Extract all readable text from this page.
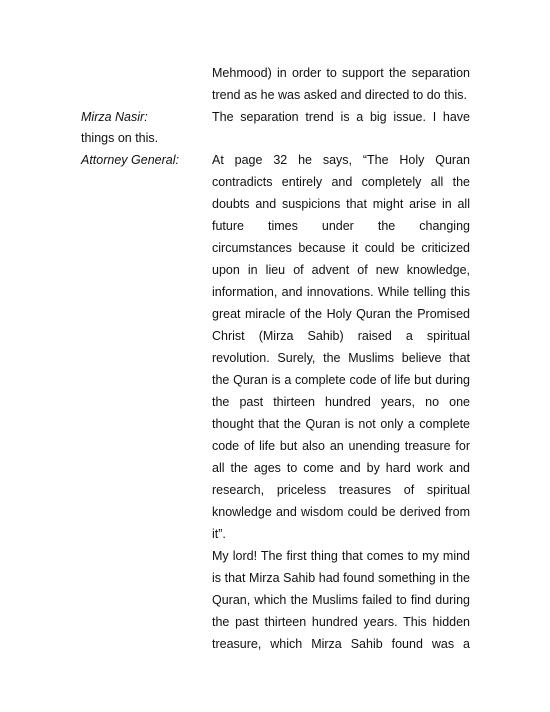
Mehmood) in order to support the separation
trend as he was asked and directed to do this.
Mirza Nasir:	The separation trend is a big issue. I have
things on this.
Attorney General:	At page 32 he says, “The Holy Quran
contradicts entirely and completely all the
doubts and suspicions that might arise in all
future times under the changing
circumstances because it could be criticized
upon in lieu of advent of new knowledge,
information, and innovations. While telling this
great miracle of the Holy Quran the Promised
Christ (Mirza Sahib) raised a spiritual
revolution. Surely, the Muslims believe that
the Quran is a complete code of life but during
the past thirteen hundred years, no one
thought that the Quran is not only a complete
code of life but also an unending treasure for
all the ages to come and by hard work and
research, priceless treasures of spiritual
knowledge and wisdom could be derived from
it”.
My lord! The first thing that comes to my mind
is that Mirza Sahib had found something in the
Quran, which the Muslims failed to find during
the past thirteen hundred years. This hidden
treasure, which Mirza Sahib found was a
